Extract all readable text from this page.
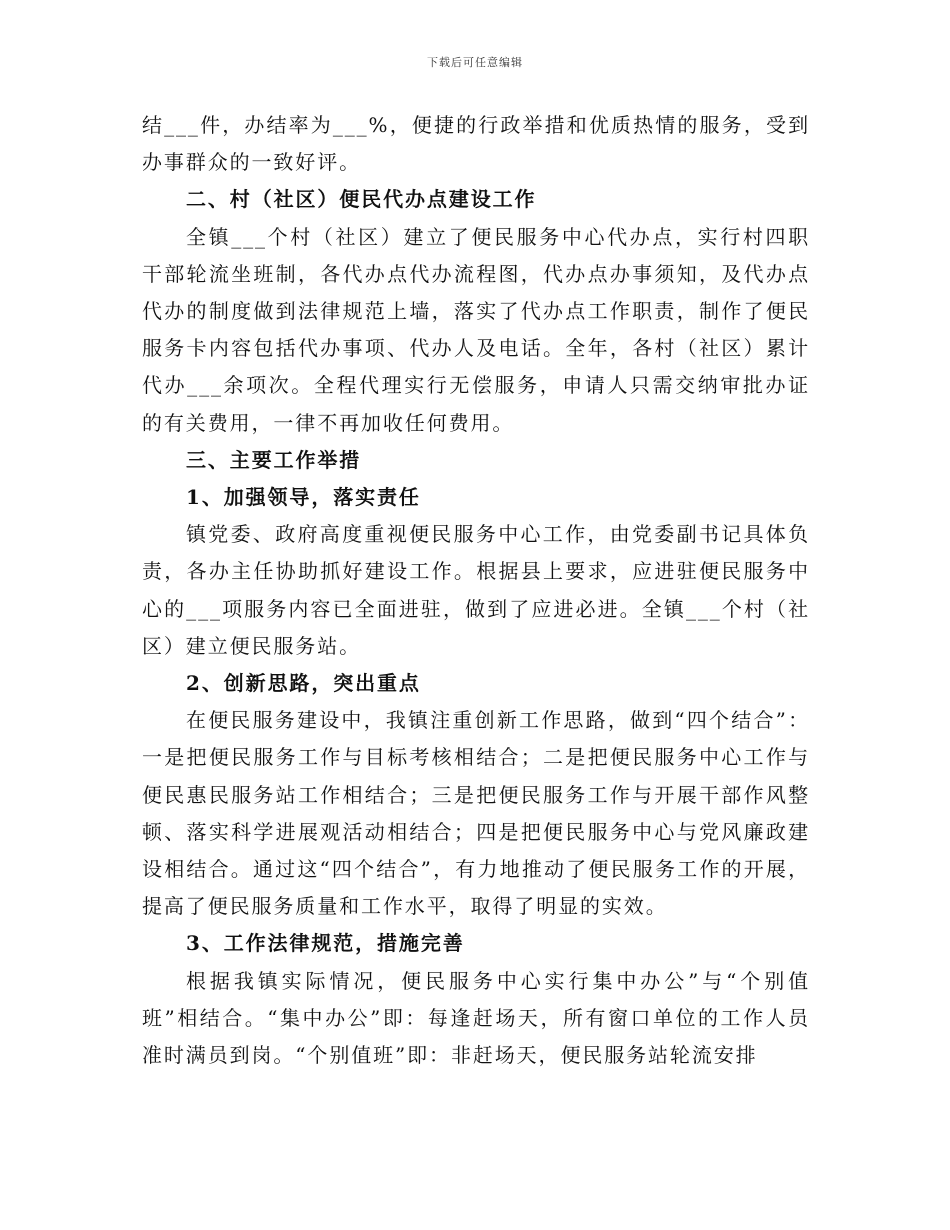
下载后可任意编辑

结___件，办结率为___%，便捷的行政举措和优质热情的服务，受到办事群众的一致好评。

二、村（社区）便民代办点建设工作

全镇___个村（社区）建立了便民服务中心代办点，实行村四职干部轮流坐班制，各代办点代办流程图，代办点办事须知，及代办点代办的制度做到法律规范上墙，落实了代办点工作职责，制作了便民服务卡内容包括代办事项、代办人及电话。全年，各村（社区）累计代办___余项次。全程代理实行无偿服务，申请人只需交纳审批办证的有关费用，一律不再加收任何费用。

三、主要工作举措

1、加强领导，落实责任

镇党委、政府高度重视便民服务中心工作，由党委副书记具体负责，各办主任协助抓好建设工作。根据县上要求，应进驻便民服务中心的___项服务内容已全面进驻，做到了应进必进。全镇___个村（社区）建立便民服务站。

2、创新思路，突出重点

在便民服务建设中，我镇注重创新工作思路，做到“四个结合”：一是把便民服务工作与目标考核相结合；二是把便民服务中心工作与便民惠民服务站工作相结合；三是把便民服务工作与开展干部作风整顿、落实科学进展观活动相结合；四是把便民服务中心与党风廉政建设相结合。通过这“四个结合”，有力地推动了便民服务工作的开展，提高了便民服务质量和工作水平，取得了明显的实效。

3、工作法律规范，措施完善

根据我镇实际情况，便民服务中心实行集中办公”与“个别值班”相结合。“集中办公”即：每逢赶场天，所有窗口单位的工作人员准时满员到岗。“个别值班”即：非赶场天，便民服务站轮流安排
